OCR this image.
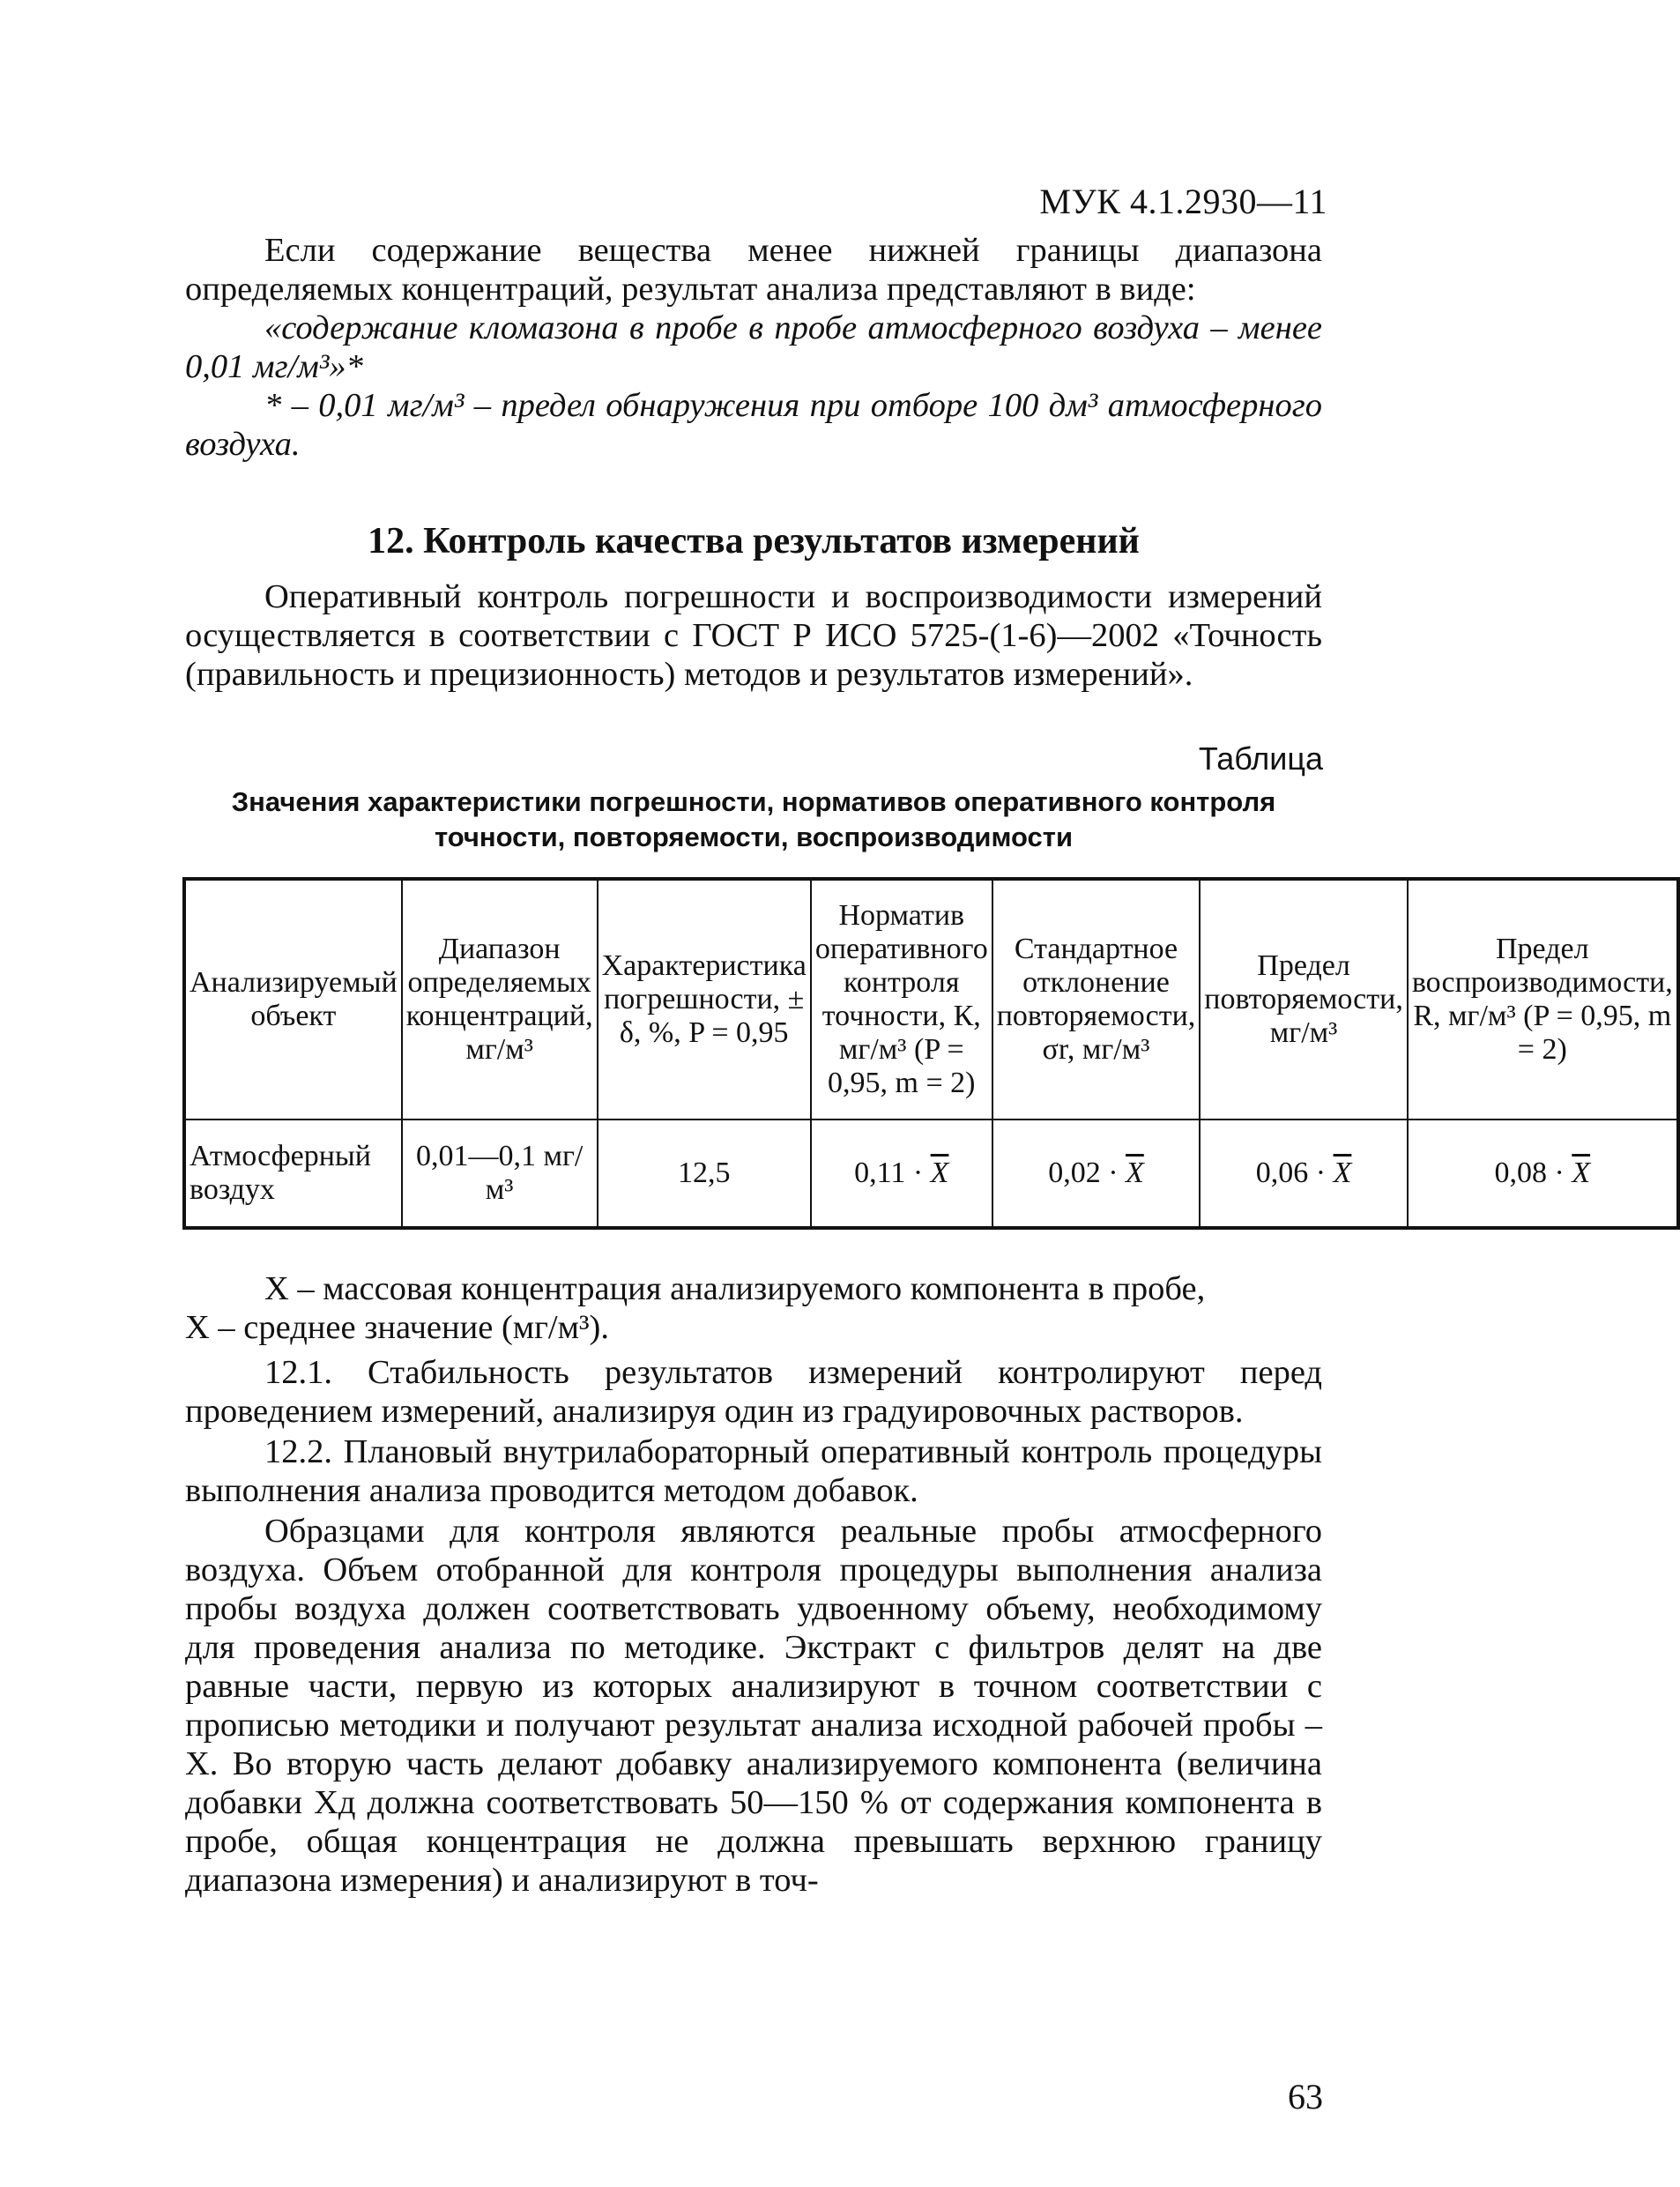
МУК 4.1.2930—11

Если содержание вещества менее нижней границы диапазона определяемых концентраций, результат анализа представляют в виде:

«содержание кломазона в пробе в пробе атмосферного воздуха – менее 0,01 мг/м³»*

* – 0,01 мг/м³ – предел обнаружения при отборе 100 дм³ атмосферного воздуха.

12. Контроль качества результатов измерений

Оперативный контроль погрешности и воспроизводимости измерений осуществляется в соответствии с ГОСТ Р ИСО 5725-(1-6)—2002 «Точность (правильность и прецизионность) методов и результатов измерений».

Таблица
Значения характеристики погрешности, нормативов оперативного контроля точности, повторяемости, воспроизводимости
Анализируемый объект	Диапазон определяемых концентраций, мг/м³	Характеристика погрешности, ± δ, %, P = 0,95	Норматив оперативного контроля точности, К, мг/м³ (P = 0,95, m = 2)	Стандартное отклонение повторяемости, σr, мг/м³	Предел повторяемости, мг/м³	Предел воспроизводимости, R, мг/м³ (P = 0,95, m = 2)
Атмосферный воздух	0,01—0,1 мг/м³	12,5	$0,11 \cdot \overline{X}$	$0,02 \cdot \overline{X}$	$0,06 \cdot \overline{X}$	$0,08 \cdot \overline{X}$

X – массовая концентрация анализируемого компонента в пробе,

X – среднее значение (мг/м³).

12.1. Стабильность результатов измерений контролируют перед проведением измерений, анализируя один из градуировочных растворов.

12.2. Плановый внутрилабораторный оперативный контроль процедуры выполнения анализа проводится методом добавок.

Образцами для контроля являются реальные пробы атмосферного воздуха. Объем отобранной для контроля процедуры выполнения анализа пробы воздуха должен соответствовать удвоенному объему, необходимому для проведения анализа по методике. Экстракт с фильтров делят на две равные части, первую из которых анализируют в точном соответствии с прописью методики и получают результат анализа исходной рабочей пробы – X. Во вторую часть делают добавку анализируемого компонента (величина добавки Xд должна соответствовать 50—150 % от содержания компонента в пробе, общая концентрация не должна превышать верхнюю границу диапазона измерения) и анализируют в точ-

63
